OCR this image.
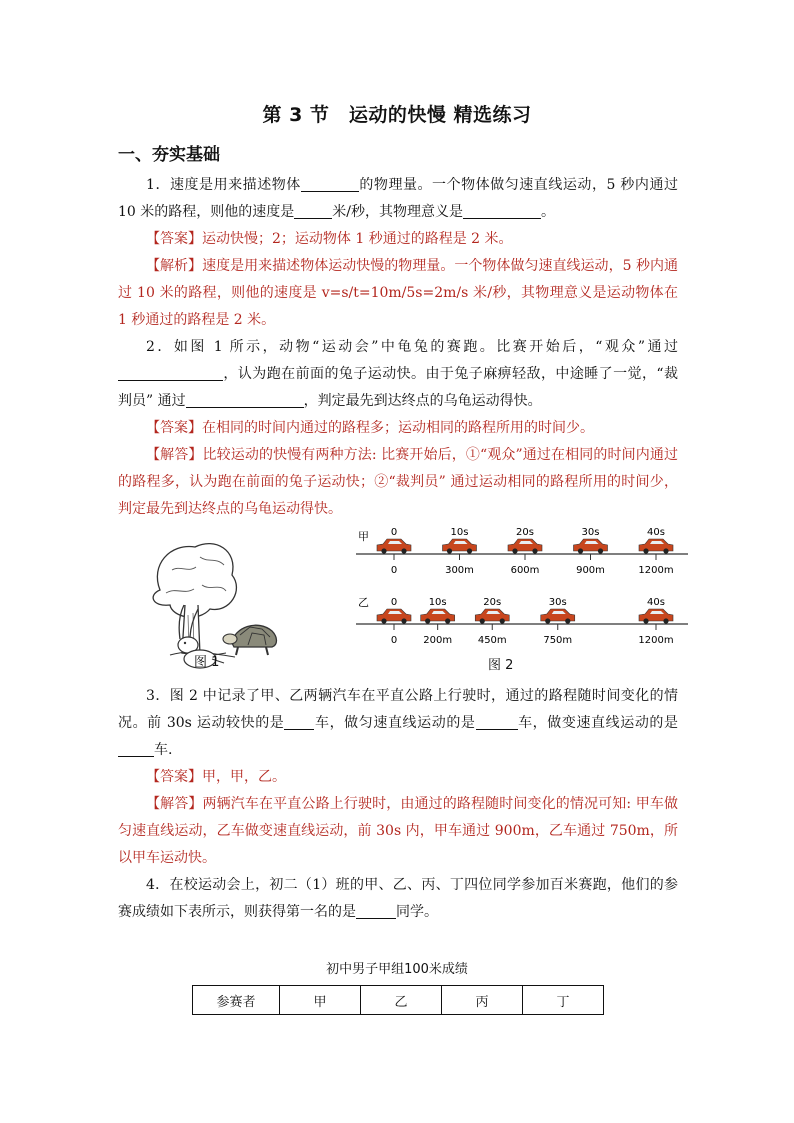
第 3 节　运动的快慢 精选练习
一、夯实基础
1．速度是用来描述物体	的物理量。一个物体做匀速直线运动，5 秒内通过 10 米的路程，则他的速度是	米/秒，其物理意义是	。
【答案】运动快慢；2；运动物体 1 秒通过的路程是 2 米。
【解析】速度是用来描述物体运动快慢的物理量。一个物体做匀速直线运动，5 秒内通过 10 米的路程，则他的速度是 v=s/t=10m/5s=2m/s 米/秒，其物理意义是运动物体在 1 秒通过的路程是 2 米。
2．如图 1 所示，动物“运动会”中龟兔的赛跑。比赛开始后，“观众”通过，认为跑在前面的兔子运动快。由于兔子麻痹轻敌，中途睡了一觉，“裁判员” 通过	，判定最先到达终点的乌龟运动得快。
【答案】在相同的时间内通过的路程多；运动相同的路程所用的时间少。
【解答】比较运动的快慢有两种方法: 比赛开始后，①“观众”通过在相同的时间内通过的路程多，认为跑在前面的兔子运动快；②“裁判员” 通过运动相同的路程所用的时间少，判定最先到达终点的乌龟运动得快。
图 1
甲 0
0
10s
300m
20s
600m
30s
900m
40s
1200m
乙 0
0
10s
200m
20s
450m
30s
750m
40s
1200m
图 2
3．图 2 中记录了甲、乙两辆汽车在平直公路上行驶时，通过的路程随时间变化的情况。前 30s 运动较快的是 车，做匀速直线运动的是	车，做变速直线运动的是车.
【答案】甲，甲，乙。
【解答】两辆汽车在平直公路上行驶时，由通过的路程随时间变化的情况可知: 甲车做匀速直线运动，乙车做变速直线运动，前 30s 内，甲车通过 900m，乙车通过 750m，所以甲车运动快。
4．在校运动会上，初二（1）班的甲、乙、丙、丁四位同学参加百米赛跑，他们的参赛成绩如下表所示，则获得第一名的是	同学。
初中男子甲组100米成绩
参赛者	甲	乙	丙	丁
